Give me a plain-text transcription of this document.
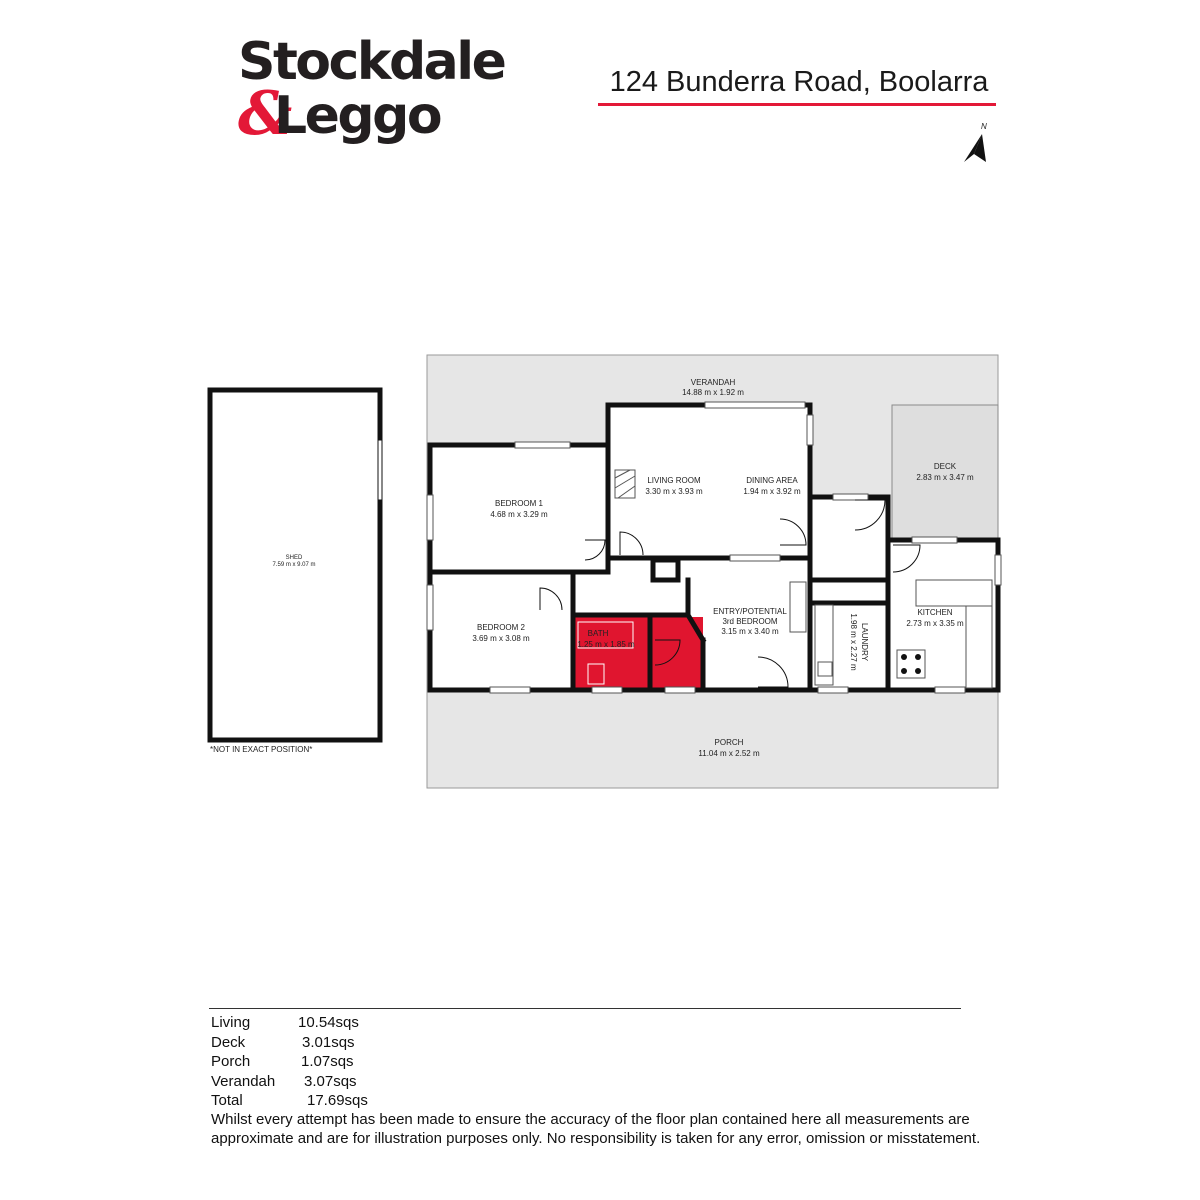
Stockdale
&
Leggo
124 Bunderra Road, Boolarra
N
SHED
7.59 m x 9.07 m
*NOT IN EXACT POSITION*
VERANDAH
14.88 m x 1.92 m
DECK
2.83 m x 3.47 m
LIVING ROOM
3.30 m x 3.93 m
DINING AREA
1.94 m x 3.92 m
BEDROOM 1
4.68 m x 3.29 m
BEDROOM 2
3.69 m x 3.08 m
BATH
1.25 m x 1.85 m
ENTRY/POTENTIAL
3rd BEDROOM
3.15 m x 3.40 m	LAUNDRY
1.98 m x 2.27 m
KITCHEN
2.73 m x 3.35 m
PORCH
11.04 m x 2.52 m
Living	10.54sqs
Deck	3.01sqs
Porch	1.07sqs
Verandah 3.07sqs
Total	17.69sqs
Whilst every attempt has been made to ensure the accuracy of the floor plan contained here all measurements are approximate and are for illustration purposes only. No responsibility is taken for any error, omission or misstatement.
